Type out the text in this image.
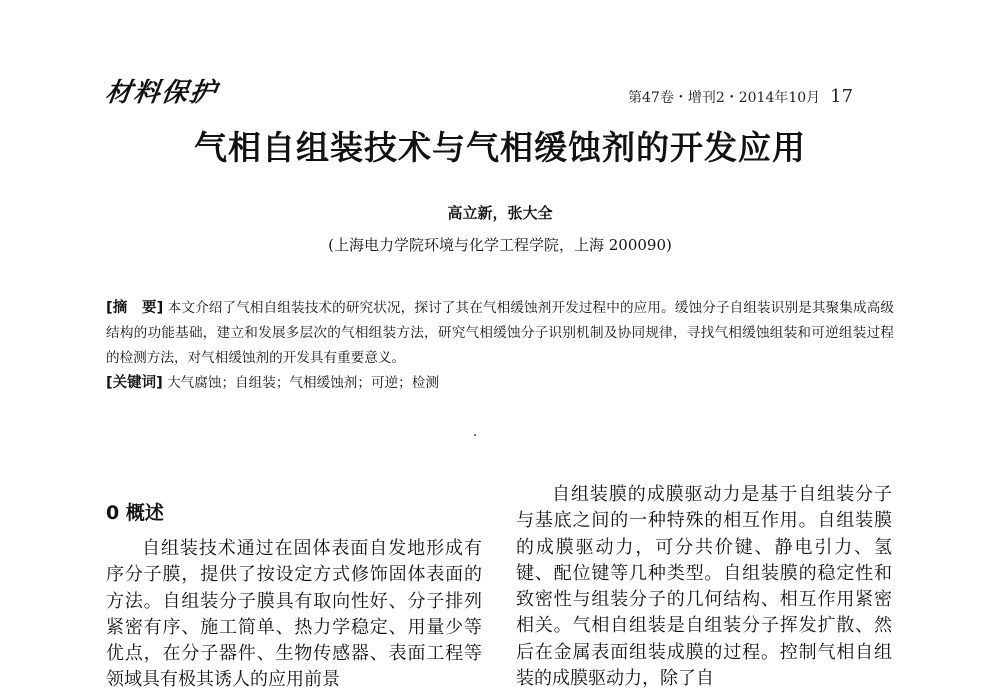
材料保护	第47卷・增刊2・2014年10月 17
气相自组装技术与气相缓蚀剂的开发应用
高立新，张大全
(上海电力学院环境与化学工程学院，上海 200090)
[摘　要] 本文介绍了气相自组装技术的研究状况，探讨了其在气相缓蚀剂开发过程中的应用。缓蚀分子自组装识别是其聚集成高级结构的功能基础，建立和发展多层次的气相组装方法，研究气相缓蚀分子识别机制及协同规律，寻找气相缓蚀组装和可逆组装过程的检测方法，对气相缓蚀剂的开发具有重要意义。
[关键词] 大气腐蚀；自组装；气相缓蚀剂；可逆；检测
0 概述

自组装技术通过在固体表面自发地形成有序分子膜，提供了按设定方式修饰固体表面的方法。自组装分子膜具有取向性好、分子排列紧密有序、施工简单、热力学稳定、用量少等优点，在分子器件、生物传感器、表面工程等领域具有极其诱人的应用前景

自组装膜的成膜驱动力是基于自组装分子与基底之间的一种特殊的相互作用。自组装膜的成膜驱动力，可分共价键、静电引力、氢键、配位键等几种类型。自组装膜的稳定性和致密性与组装分子的几何结构、相互作用紧密相关。气相自组装是自组装分子挥发扩散、然后在金属表面组装成膜的过程。控制气相自组装的成膜驱动力，除了自
